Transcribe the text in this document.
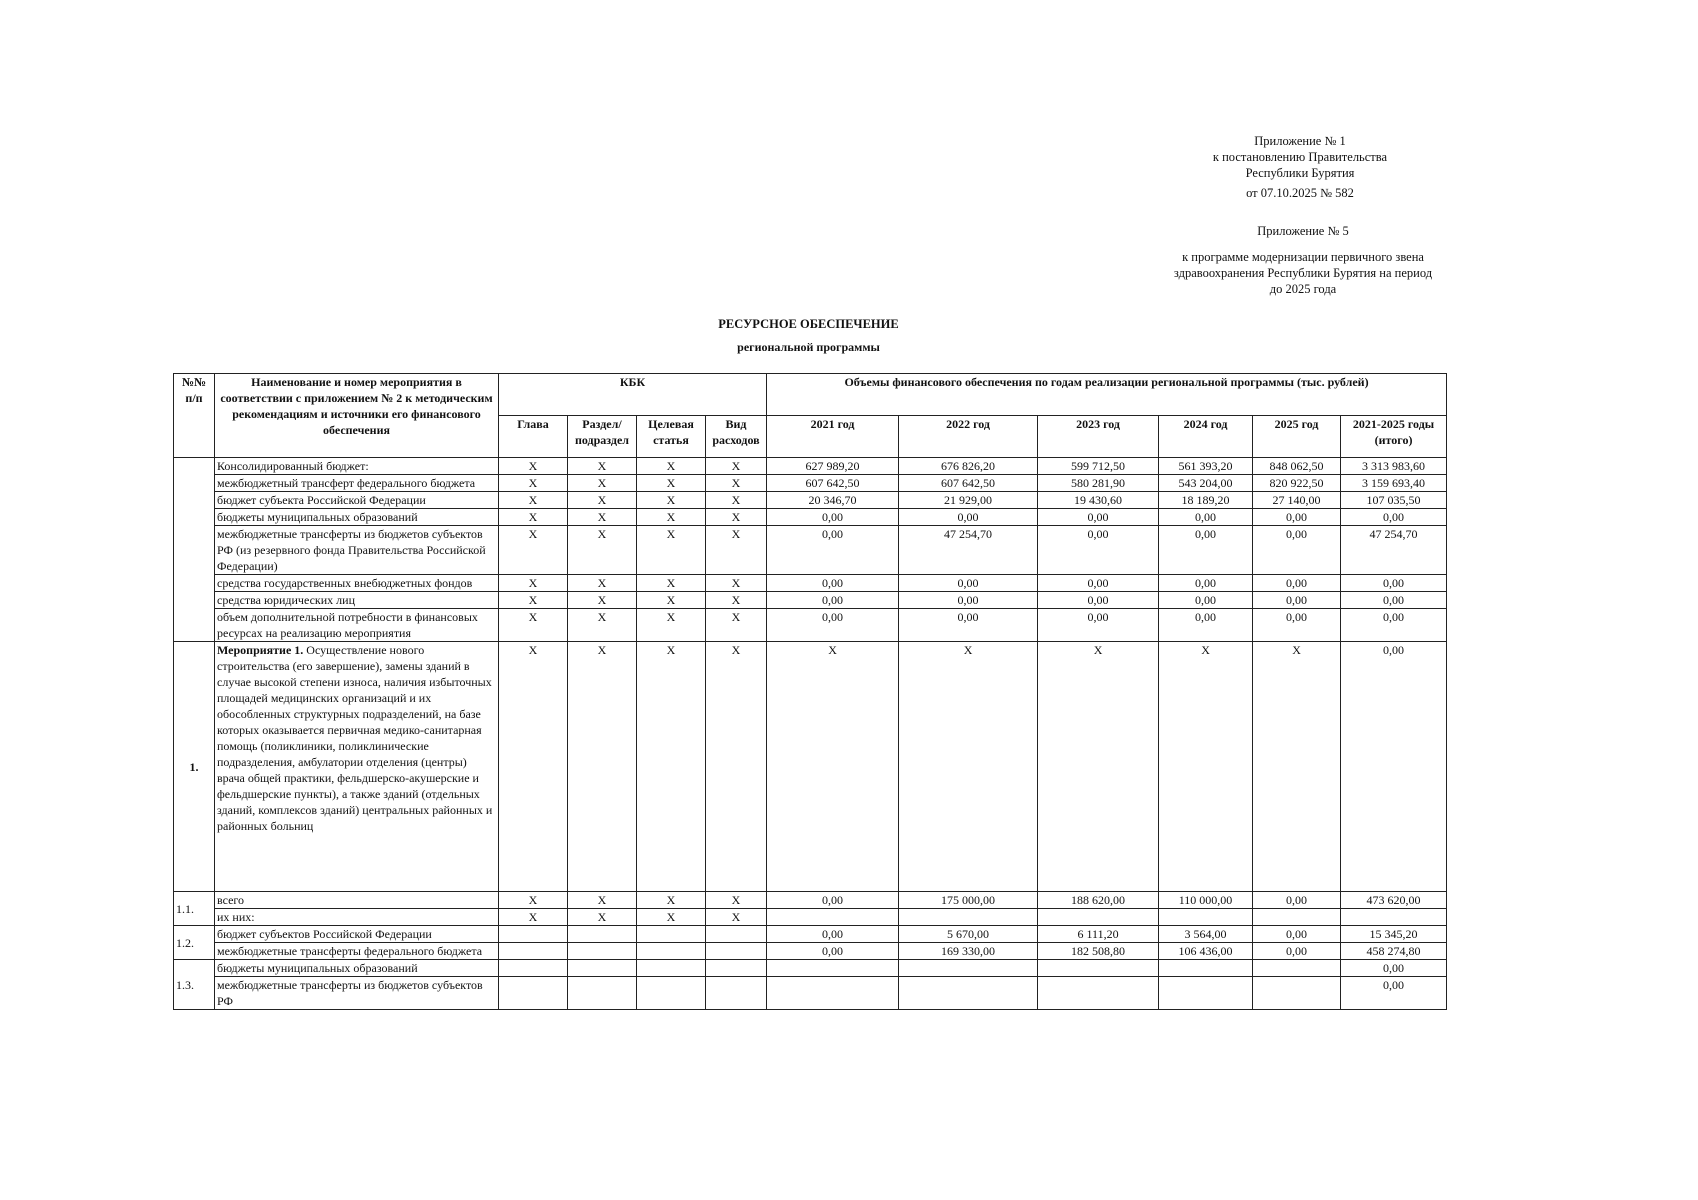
Приложение № 1
к постановлению Правительства
Республики Бурятия
от 07.10.2025 № 582
Приложение № 5
к программе модернизации первичного звена
здравоохранения Республики Бурятия на период
до 2025 года
РЕСУРСНОЕ ОБЕСПЕЧЕНИЕ
региональной программы
№№ п/п	Наименование и номер мероприятия в соответствии с приложением № 2 к методическим рекомендациям и источники его финансового обеспечения	КБК				Объемы финансового обеспечения по годам реализации региональной программы (тыс. рублей)					
		Глава	Раздел/ подраздел	Целевая статья	Вид расходов	2021 год	2022 год	2023 год	2024 год	2025 год	2021-2025 годы (итого)
	Консолидированный бюджет:	X	X	X	X	627 989,20	676 826,20	599 712,50	561 393,20	848 062,50	3 313 983,60
	межбюджетный трансферт федерального бюджета	X	X	X	X	607 642,50	607 642,50	580 281,90	543 204,00	820 922,50	3 159 693,40
	бюджет субъекта Российской Федерации	X	X	X	X	20 346,70	21 929,00	19 430,60	18 189,20	27 140,00	107 035,50
	бюджеты муниципальных образований	X	X	X	X	0,00	0,00	0,00	0,00	0,00	0,00
	межбюджетные трансферты из бюджетов субъектов РФ (из резервного фонда Правительства Российской Федерации)	X	X	X	X	0,00	47 254,70	0,00	0,00	0,00	47 254,70
	средства государственных внебюджетных фондов	X	X	X	X	0,00	0,00	0,00	0,00	0,00	0,00
	средства юридических лиц	X	X	X	X	0,00	0,00	0,00	0,00	0,00	0,00
	объем дополнительной потребности в финансовых ресурсах на реализацию мероприятия	X	X	X	X	0,00	0,00	0,00	0,00	0,00	0,00
1.	Мероприятие 1. Осуществление нового строительства (его завершение), замены зданий в случае высокой степени износа, наличия избыточных площадей медицинских организаций и их обособленных структурных подразделений, на базе которых оказывается первичная медико-санитарная помощь (поликлиники, поликлинические подразделения, амбулатории отделения (центры) врача общей практики, фельдшерско-акушерские и фельдшерские пункты), а также зданий (отдельных зданий, комплексов зданий) центральных районных и районных больниц	X	X	X	X	X	X	X	X	X	0,00
1.1.	всего	X	X	X	X	0,00	175 000,00	188 620,00	110 000,00	0,00	473 620,00
	их них:	X	X	X	X						
1.2.	бюджет субъектов Российской Федерации					0,00	5 670,00	6 111,20	3 564,00	0,00	15 345,20
	межбюджетные трансферты федерального бюджета					0,00	169 330,00	182 508,80	106 436,00	0,00	458 274,80
1.3.	бюджеты муниципальных образований										0,00
	межбюджетные трансферты из бюджетов субъектов РФ										0,00
